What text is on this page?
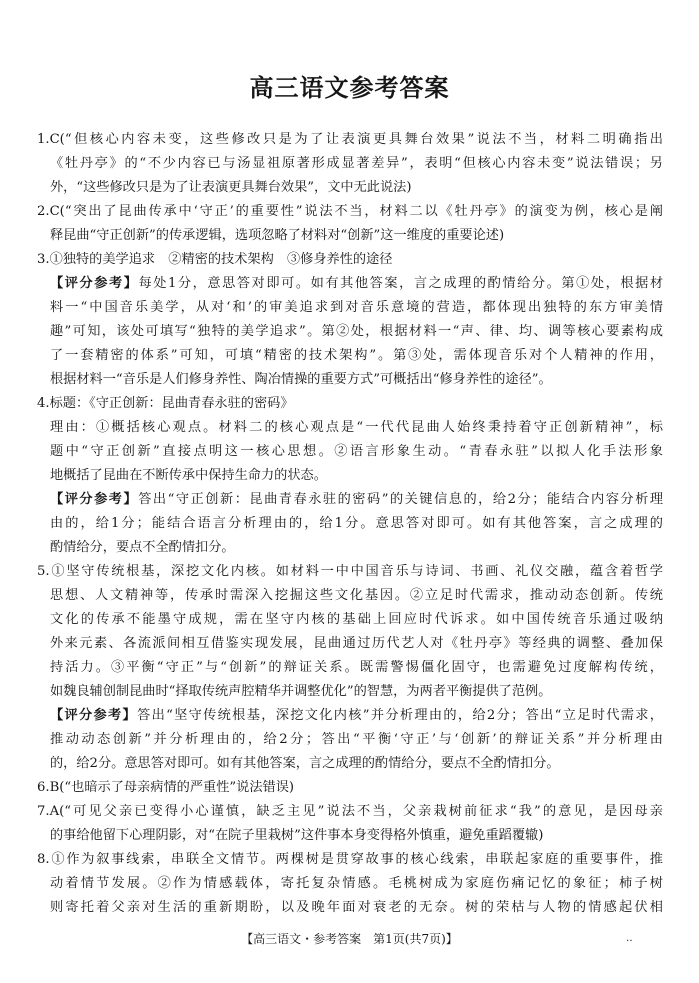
高三语文参考答案
1.C(“但核心内容未变，这些修改只是为了让表演更具舞台效果”说法不当，材料二明确指出
《牡丹亭》的“不少内容已与汤显祖原著形成显著差异”，表明“但核心内容未变”说法错误；另
外，“这些修改只是为了让表演更具舞台效果”，文中无此说法)
2.C(“突出了昆曲传承中‘守正’的重要性”说法不当，材料二以《牡丹亭》的演变为例，核心是阐
释昆曲“守正创新”的传承逻辑，选项忽略了材料对“创新”这一维度的重要论述)
3.①独特的美学追求　②精密的技术架构　③修身养性的途径
【评分参考】每处1分，意思答对即可。如有其他答案，言之成理的酌情给分。第①处，根据材
料一“中国音乐美学，从对‘和’的审美追求到对音乐意境的营造，都体现出独特的东方审美情
趣”可知，该处可填写“独特的美学追求”。第②处，根据材料一“声、律、均、调等核心要素构成
了一套精密的体系”可知，可填“精密的技术架构”。第③处，需体现音乐对个人精神的作用，
根据材料一“音乐是人们修身养性、陶冶情操的重要方式”可概括出“修身养性的途径”。
4.标题：《守正创新：昆曲青春永驻的密码》
理由：①概括核心观点。材料二的核心观点是“一代代昆曲人始终秉持着守正创新精神”，标
题中“守正创新”直接点明这一核心思想。②语言形象生动。“青春永驻”以拟人化手法形象
地概括了昆曲在不断传承中保持生命力的状态。
【评分参考】答出“守正创新：昆曲青春永驻的密码”的关键信息的，给2分；能结合内容分析理
由的，给1分；能结合语言分析理由的，给1分。意思答对即可。如有其他答案，言之成理的
酌情给分，要点不全酌情扣分。
5.①坚守传统根基，深挖文化内核。如材料一中中国音乐与诗词、书画、礼仪交融，蕴含着哲学
思想、人文精神等，传承时需深入挖掘这些文化基因。②立足时代需求，推动动态创新。传统
文化的传承不能墨守成规，需在坚守内核的基础上回应时代诉求。如中国传统音乐通过吸纳
外来元素、各流派间相互借鉴实现发展，昆曲通过历代艺人对《牡丹亭》等经典的调整、叠加保
持活力。③平衡“守正”与“创新”的辩证关系。既需警惕僵化固守，也需避免过度解构传统，
如魏良辅创制昆曲时“择取传统声腔精华并调整优化”的智慧，为两者平衡提供了范例。
【评分参考】答出“坚守传统根基，深挖文化内核”并分析理由的，给2分；答出“立足时代需求，
推动动态创新”并分析理由的，给2分；答出“平衡‘守正’与‘创新’的辩证关系”并分析理由
的，给2分。意思答对即可。如有其他答案，言之成理的酌情给分，要点不全酌情扣分。
6.B(“也暗示了母亲病情的严重性”说法错误)
7.A(“可见父亲已变得小心谨慎，缺乏主见”说法不当，父亲栽树前征求“我”的意见，是因母亲
的事给他留下心理阴影，对“在院子里栽树”这件事本身变得格外慎重，避免重蹈覆辙)
8.①作为叙事线索，串联全文情节。两棵树是贯穿故事的核心线索，串联起家庭的重要事件，推
动着情节发展。②作为情感载体，寄托复杂情感。毛桃树成为家庭伤痛记忆的象征；柿子树
则寄托着父亲对生活的重新期盼，以及晚年面对衰老的无奈。树的荣枯与人物的情感起伏相
【高三语文・参考答案　第1页(共7页)】	‥
